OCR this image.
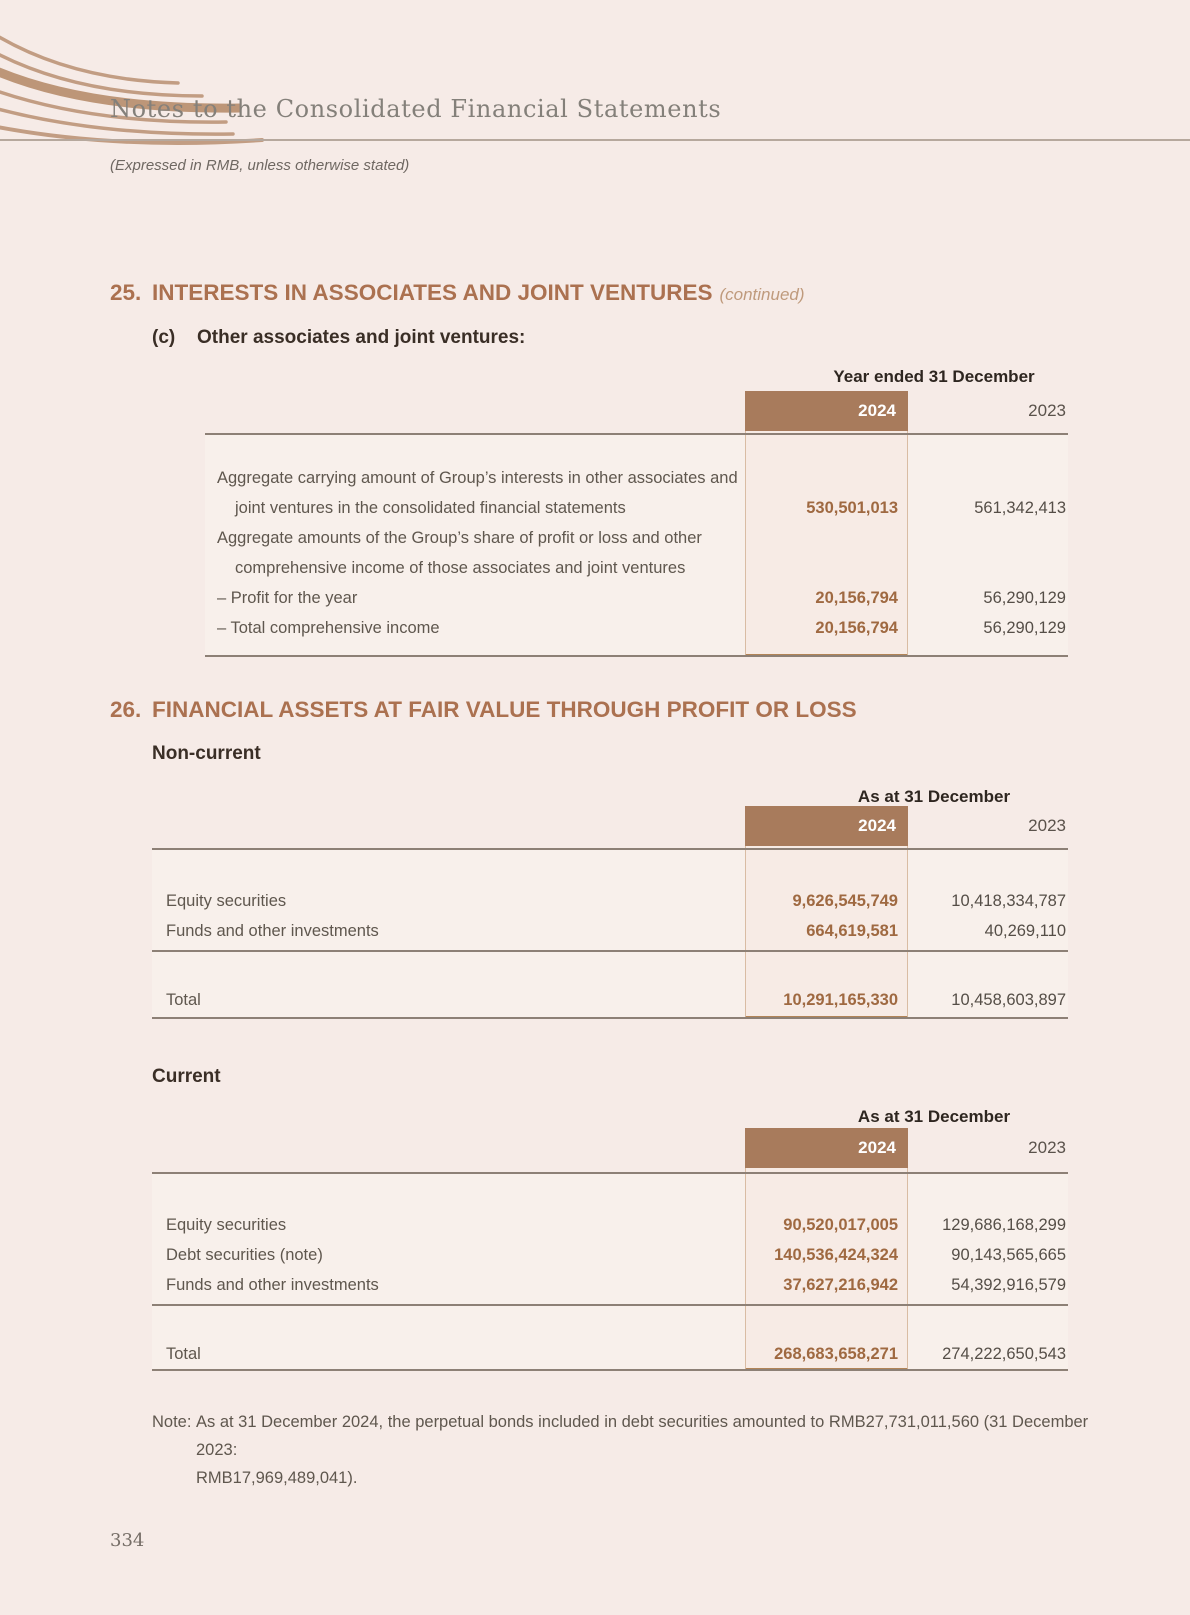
Notes to the Consolidated Financial Statements
(Expressed in RMB, unless otherwise stated)
25. INTERESTS IN ASSOCIATES AND JOINT VENTURES (continued)
(c) Other associates and joint ventures:
Year ended 31 December
2024	2023
Aggregate carrying amount of Group’s interests in other associates and
joint ventures in the consolidated financial statements	530,501,013	561,342,413
Aggregate amounts of the Group’s share of profit or loss and other
comprehensive income of those associates and joint ventures
– Profit for the year	20,156,794	56,290,129
– Total comprehensive income	20,156,794	56,290,129
26. FINANCIAL ASSETS AT FAIR VALUE THROUGH PROFIT OR LOSS
Non-current
As at 31 December
2024	2023
Equity securities	9,626,545,749	10,418,334,787
Funds and other investments	664,619,581	40,269,110
Total	10,291,165,330	10,458,603,897
Current
As at 31 December
2024	2023
Equity securities	90,520,017,005	129,686,168,299
Debt securities (note)	140,536,424,324	90,143,565,665
Funds and other investments	37,627,216,942	54,392,916,579
Total	268,683,658,271	274,222,650,543
Note: As at 31 December 2024, the perpetual bonds included in debt securities amounted to RMB27,731,011,560 (31 December 2023:
RMB17,969,489,041).
334
